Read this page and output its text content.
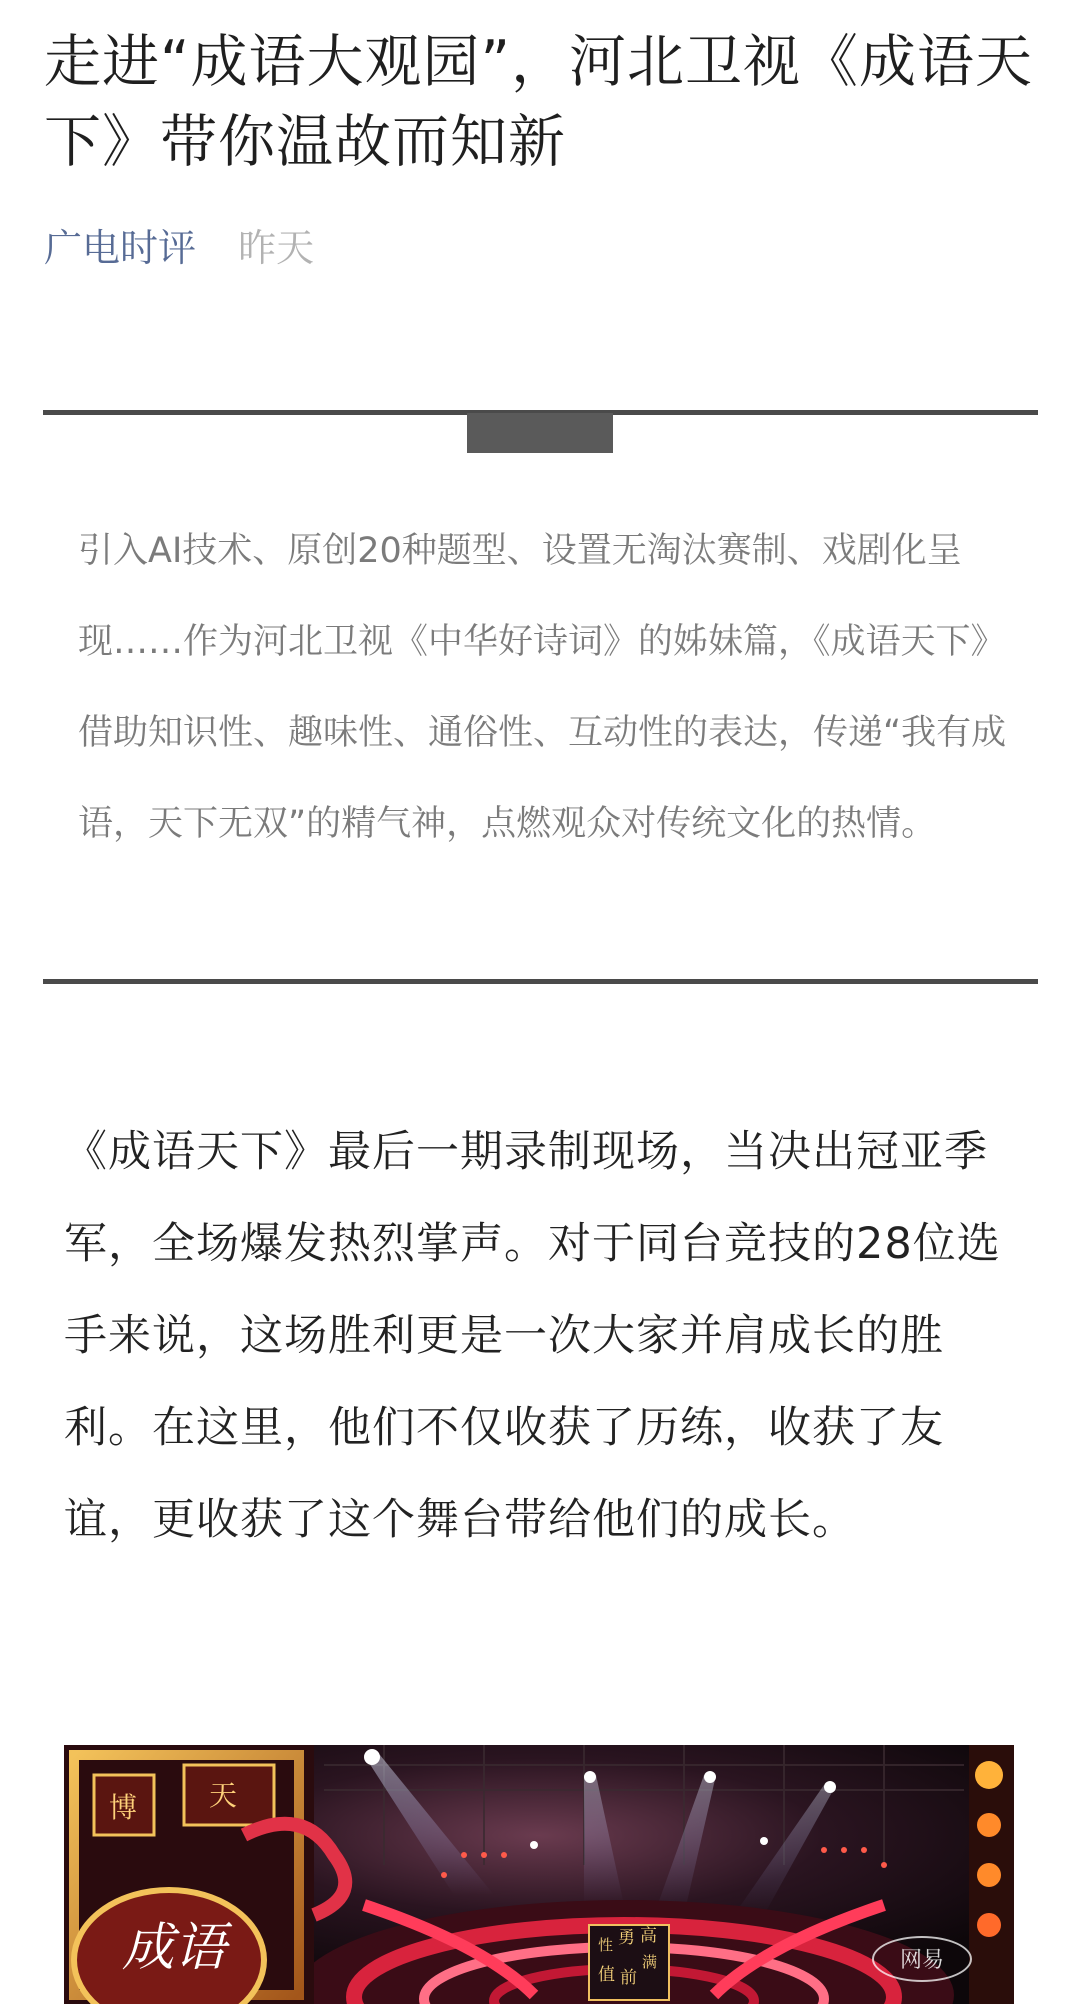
走进“成语大观园”，河北卫视《成语天下》带你温故而知新
广电时评 昨天

引入AI技术、原创20种题型、设置无淘汰赛制、戏剧化呈现……作为河北卫视《中华好诗词》的姊妹篇，《成语天下》借助知识性、趣味性、通俗性、互动性的表达，传递“我有成语，天下无双”的精气神，点燃观众对传统文化的热情。

《成语天下》最后一期录制现场，当决出冠亚季军，全场爆发热烈掌声。对于同台竞技的28位选手来说，这场胜利更是一次大家并肩成长的胜利。在这里，他们不仅收获了历练，收获了友谊，更收获了这个舞台带给他们的成长。

性 勇 高
值 前
满
博	天
成语	网易
